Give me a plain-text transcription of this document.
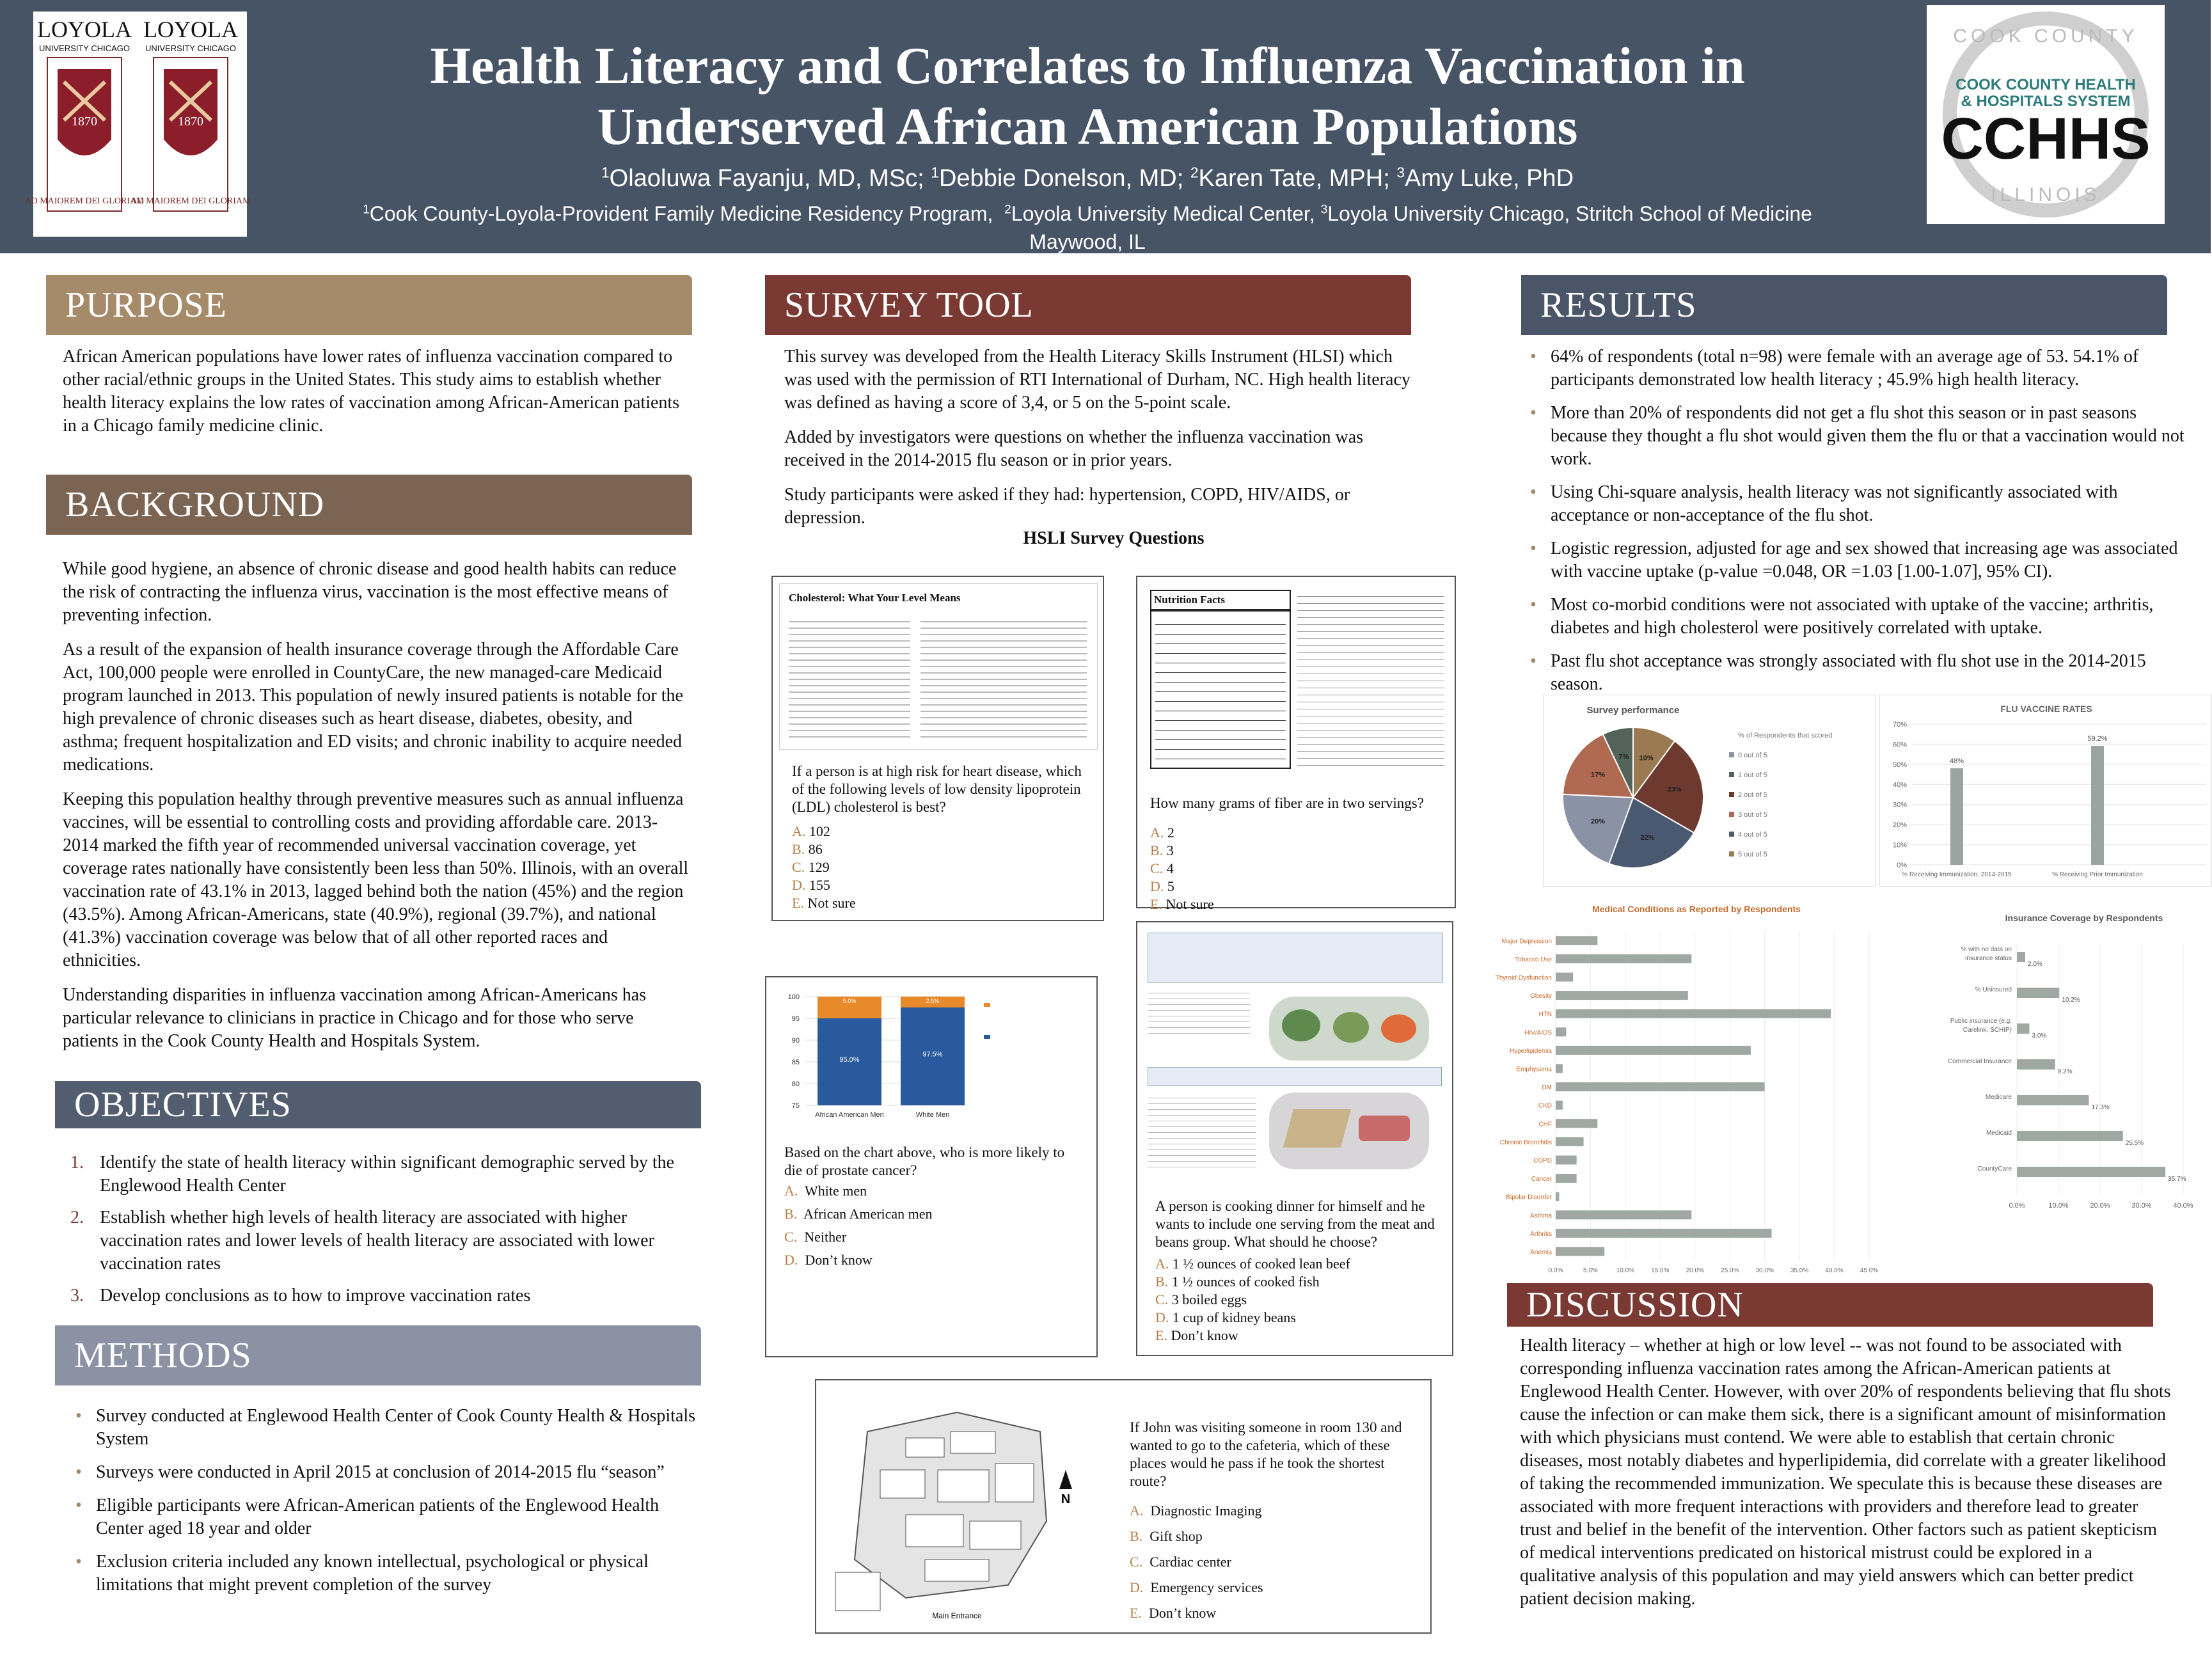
LOYOLA
UNIVERSITY CHICAGO
1870
AD MAIOREM DEI GLORIAM
LOYOLA
UNIVERSITY CHICAGO
1870
AD MAIOREM DEI GLORIAM
Health Literacy and Correlates to Influenza Vaccination in
Underserved African American Populations
$^1$Olaoluwa Fayanju, MD, MSc; $^1$Debbie Donelson, MD; $^2$Karen Tate, MPH; $^3$Amy Luke, PhD
$^1$Cook County-Loyola-Provident Family Medicine Residency Program, $^2$Loyola University Medical Center, $^3$Loyola University Chicago, Stritch School of Medicine
Maywood, IL
COOK COUNTY
ILLINOIS
COOK COUNTY HEALTH
& HOSPITALS SYSTEM
CCHHS
PURPOSE

African American populations have lower rates of influenza vaccination compared to other racial/ethnic groups in the United States. This study aims to establish whether health literacy explains the low rates of vaccination among African-American patients in a Chicago family medicine clinic.

BACKGROUND

While good hygiene, an absence of chronic disease and good health habits can reduce the risk of contracting the influenza virus, vaccination is the most effective means of preventing infection.

As a result of the expansion of health insurance coverage through the Affordable Care Act, 100,000 people were enrolled in CountyCare, the new managed-care Medicaid program launched in 2013. This population of newly insured patients is notable for the high prevalence of chronic diseases such as heart disease, diabetes, obesity, and asthma; frequent hospitalization and ED visits; and chronic inability to acquire needed medications.

Keeping this population healthy through preventive measures such as annual influenza vaccines, will be essential to controlling costs and providing affordable care. 2013-2014 marked the fifth year of recommended universal vaccination coverage, yet coverage rates nationally have consistently been less than 50%. Illinois, with an overall vaccination rate of 43.1% in 2013, lagged behind both the nation (45%) and the region (43.5%). Among African-Americans, state (40.9%), regional (39.7%), and national (41.3%) vaccination coverage was below that of all other reported races and ethnicities.

Understanding disparities in influenza vaccination among African-Americans has particular relevance to clinicians in practice in Chicago and for those who serve patients in the Cook County Health and Hospitals System.

OBJECTIVES
1. Identify the state of health literacy within significant demographic served by the Englewood Health Center
2. Establish whether high levels of health literacy are associated with higher vaccination rates and lower levels of health literacy are associated with lower vaccination rates
3. Develop conclusions as to how to improve vaccination rates
METHODS
• Survey conducted at Englewood Health Center of Cook County Health & Hospitals System
• Surveys were conducted in April 2015 at conclusion of 2014-2015 flu “season”
• Eligible participants were African-American patients of the Englewood Health Center aged 18 year and older
• Exclusion criteria included any known intellectual, psychological or physical limitations that might prevent completion of the survey
SURVEY TOOL

This survey was developed from the Health Literacy Skills Instrument (HLSI) which was used with the permission of RTI International of Durham, NC. High health literacy was defined as having a score of 3,4, or 5 on the 5-point scale.

Added by investigators were questions on whether the influenza vaccination was received in the 2014-2015 flu season or in prior years.

Study participants were asked if they had: hypertension, COPD, HIV/AIDS, or depression.

HSLI Survey Questions
Cholesterol: What Your Level Means
If a person is at high risk for heart disease, which of the following levels of low density lipoprotein (LDL) cholesterol is best?
A. 102
B. 86
C. 129
D. 155
E. Not sure
Nutrition Facts
How many grams of fiber are in two servings?
A. 2
B. 3
C. 4
D. 5
E. Not sure
75
80
85
90
95
100
95.0%
5.0%
African American Men
97.5%
2.5%
White Men
Based on the chart above, who is more likely to die of prostate cancer?
A. White men
B. African American men
C. Neither
D. Don’t know
A person is cooking dinner for himself and he wants to include one serving from the meat and beans group. What should he choose?
A. 1 ½ ounces of cooked lean beef
B. 1 ½ ounces of cooked fish
C. 3 boiled eggs
D. 1 cup of kidney beans
E. Don’t know
N
Main Entrance
If John was visiting someone in room 130 and wanted to go to the cafeteria, which of these places would he pass if he took the shortest route?
A. Diagnostic Imaging
B. Gift shop
C. Cardiac center
D. Emergency services
E. Don’t know
RESULTS
• 64% of respondents (total n=98) were female with an average age of 53. 54.1% of participants demonstrated low health literacy ; 45.9% high health literacy.
• More than 20% of respondents did not get a flu shot this season or in past seasons because they thought a flu shot would given them the flu or that a vaccination would not work.
• Using Chi-square analysis, health literacy was not significantly associated with acceptance or non-acceptance of the flu shot.
• Logistic regression, adjusted for age and sex showed that increasing age was associated with vaccine uptake (p-value =0.048, OR =1.03 [1.00-1.07], 95% CI).
• Most co-morbid conditions were not associated with uptake of the vaccine; arthritis, diabetes and high cholesterol were positively correlated with uptake.
• Past flu shot acceptance was strongly associated with flu shot use in the 2014-2015 season.
Survey performance
10%
23%
22%
20%
17%
7%
% of Respondents that scored
0 out of 5
1 out of 5
2 out of 5
3 out of 5
4 out of 5
5 out of 5
FLU VACCINE RATES
0%
10%
20%
30%
40%
50%
60%
70%
48%
% Receiving Immunization, 2014-2015
59.2%
% Receiving Prior Immunization
Medical Conditions as Reported by Respondents
0.0%	5.0%	10.0%	15.0%	20.0%	25.0%	30.0%	35.0%	40.0%	45.0%
Major Depression
Tobacco Use
Thyroid Dysfunction
Obesity
HTN
HIV/AIDS
Hyperlipidemia
Emphysema
DM
CKD
CHF
Chronic Bronchitis
COPD
Cancer
Bipolar Disorder
Asthma
Arthritis
Anemia
Insurance Coverage by Respondents
0.0%	10.0%	20.0%	30.0%	40.0%
% with no data on
insurance status
2.0%
% Uninsured
10.2%
Public insurance (e.g.
Carelink, SCHIP)
3.0%
Commercial Insurance
9.2%
Medicare
17.3%
Medicaid
25.5%
CountyCare
35.7%
DISCUSSION

Health literacy – whether at high or low level -- was not found to be associated with corresponding influenza vaccination rates among the African-American patients at Englewood Health Center. However, with over 20% of respondents believing that flu shots cause the infection or can make them sick, there is a significant amount of misinformation with which physicians must contend. We were able to establish that certain chronic diseases, most notably diabetes and hyperlipidemia, did correlate with a greater likelihood of taking the recommended immunization. We speculate this is because these diseases are associated with more frequent interactions with providers and therefore lead to greater trust and belief in the benefit of the intervention. Other factors such as patient skepticism of medical interventions predicated on historical mistrust could be explored in a qualitative analysis of this population and may yield answers which can better predict patient decision making.
